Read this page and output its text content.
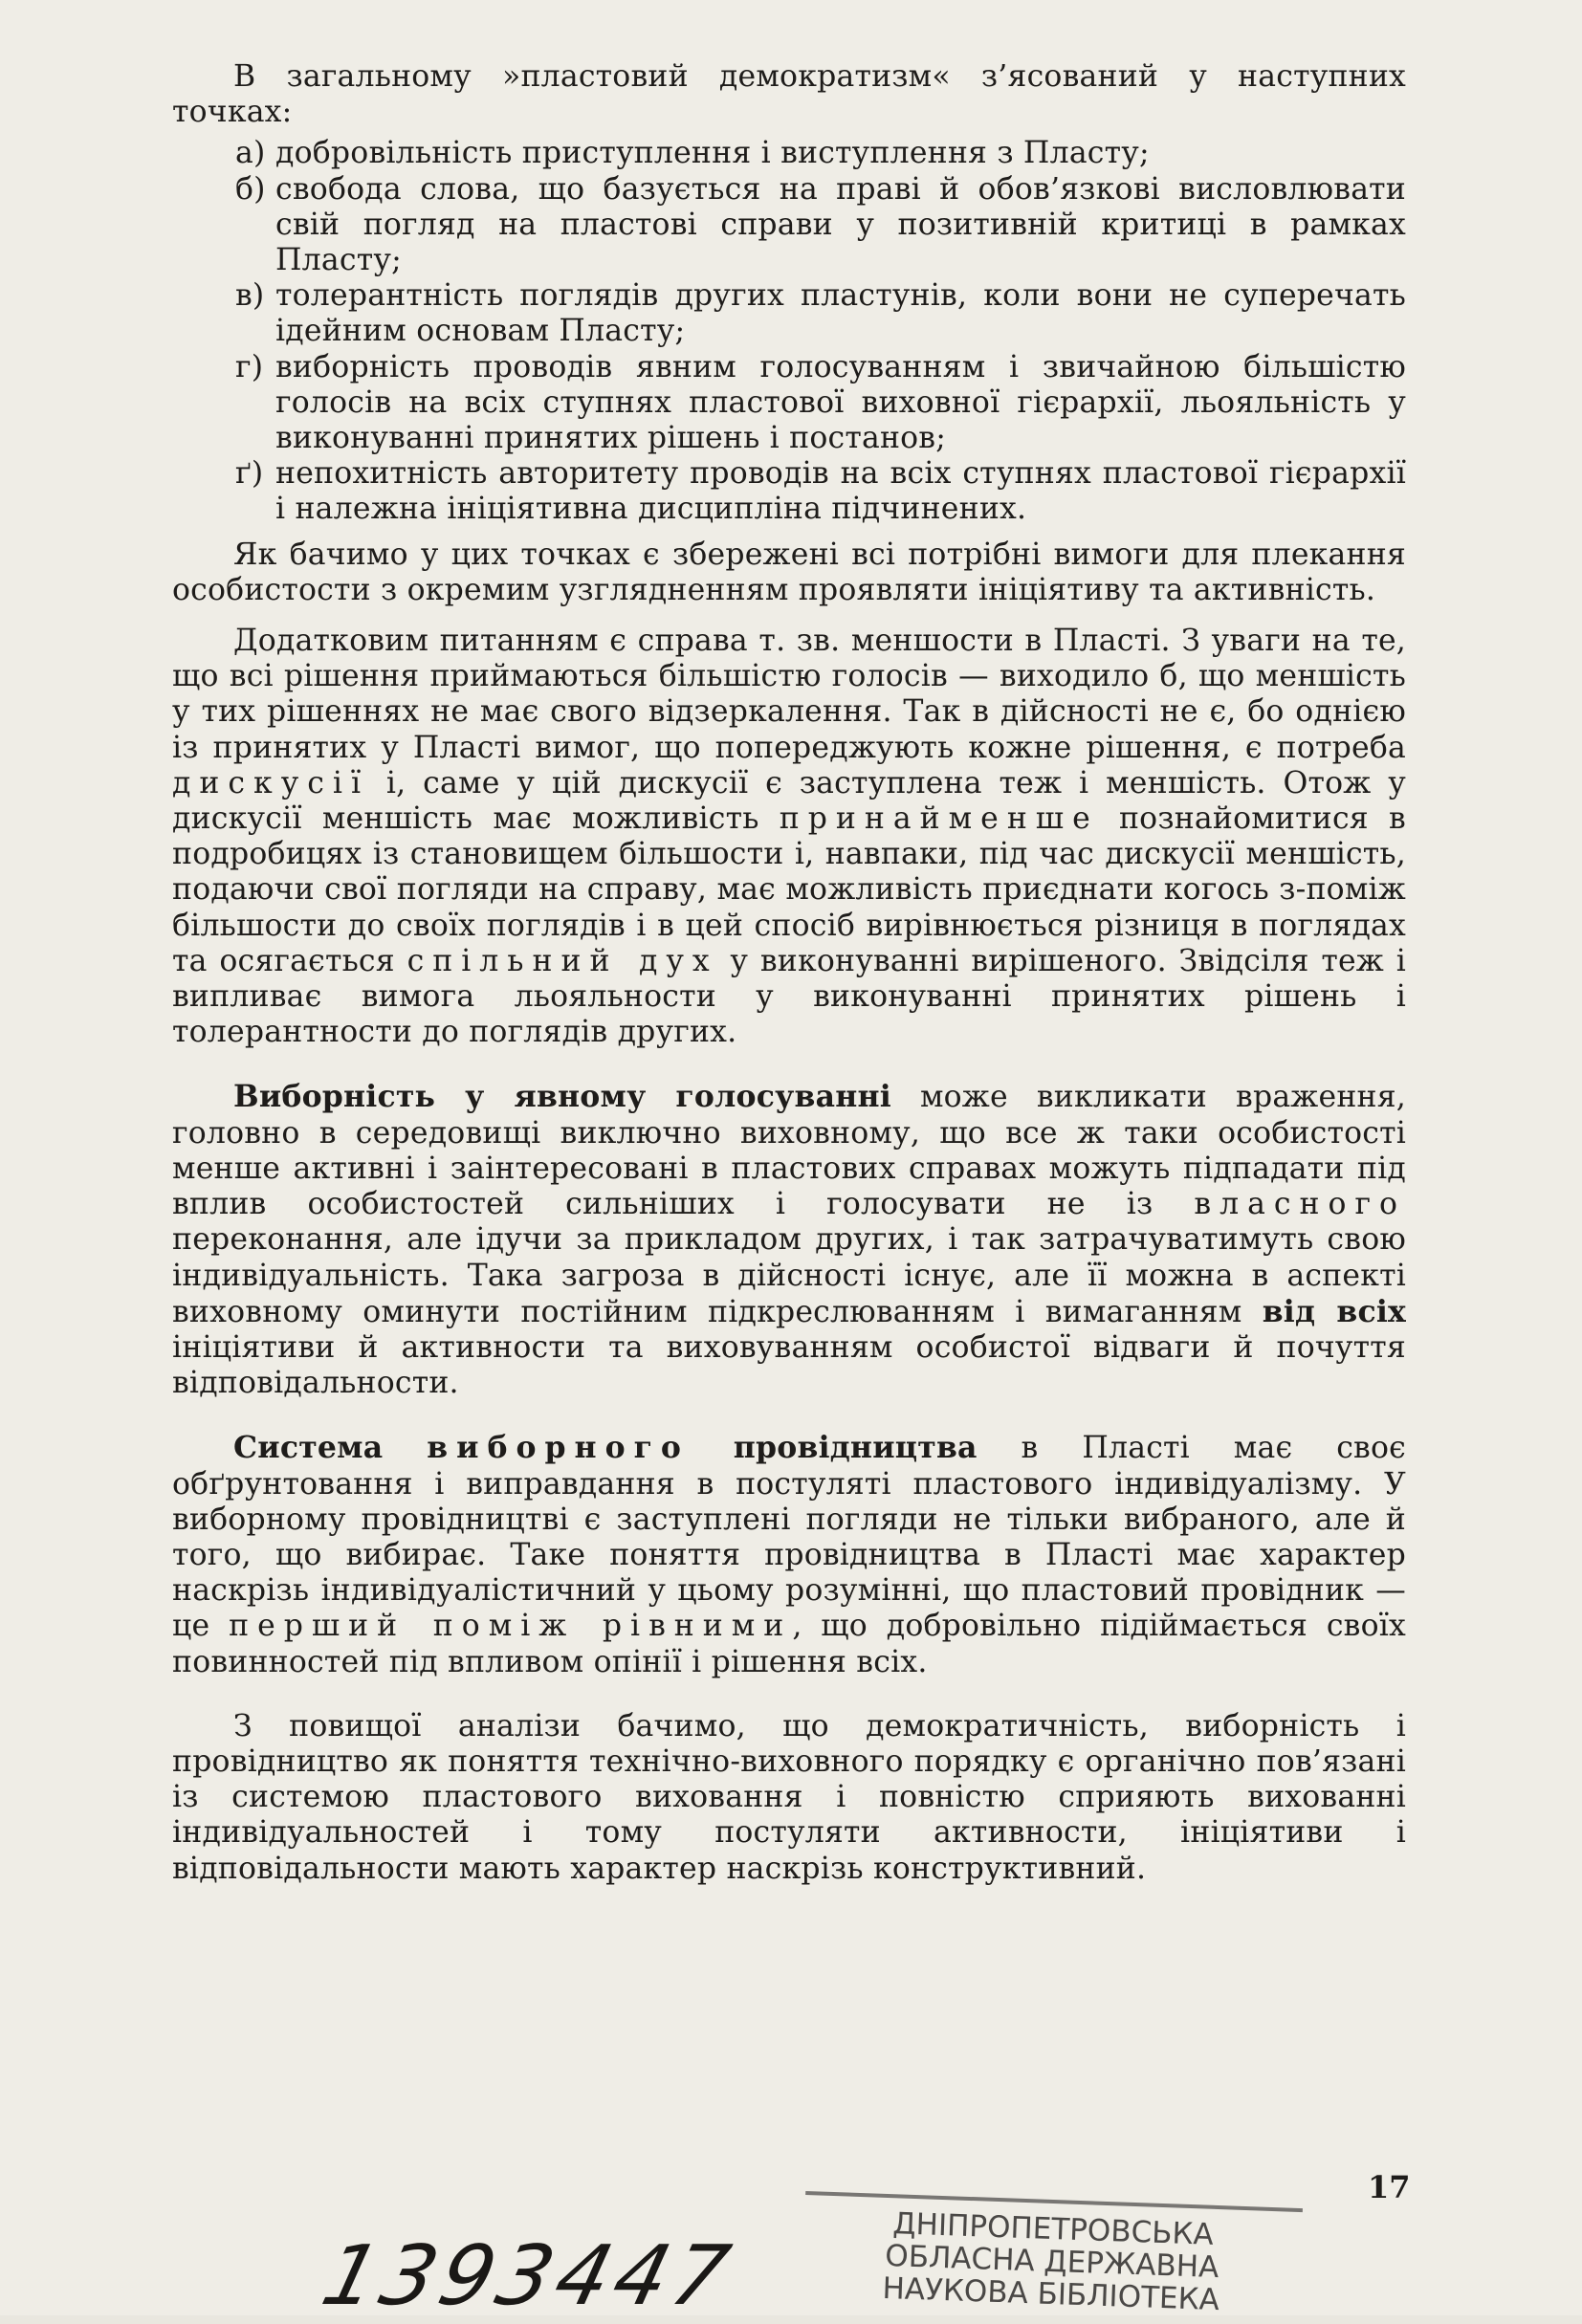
В загальному »пластовий демократизм« з’ясований у наступних точках:

а) добровільність приступлення і виступлення з Пласту;
б) свобода слова, що базується на праві й обов’язкові висловлювати свій погляд на пластові справи у позитивній критиці в рамках Пласту;
в) толерантність поглядів других пластунів, коли вони не суперечать ідейним основам Пласту;
г) виборність проводів явним голосуванням і звичайною більшістю голосів на всіх ступнях пластової виховної гієрархії, льояльність у виконуванні принятих рішень і постанов;
ґ) непохитність авторитету проводів на всіх ступнях пластової гієрархії і належна ініціятивна дисципліна підчинених.

Як бачимо у цих точках є збережені всі потрібні вимоги для плекання особистости з окремим узглядненням проявляти ініціятиву та активність.

Додатковим питанням є справа т. зв. меншости в Пласті. З уваги на те, що всі рішення приймаються більшістю голосів — виходило б, що меншість у тих рішеннях не має свого відзеркалення. Так в дійсності не є, бо однією із принятих у Пласті вимог, що попереджують кожне рішення, є потреба дискусії і, саме у цій дискусії є заступлена теж і меншість. Отож у дискусії меншість має можливість принайменше познайомитися в подробицях із становищем більшости і, навпаки, під час дискусії меншість, подаючи свої погляди на справу, має можливість приєднати когось з-поміж більшости до своїх поглядів і в цей спосіб вирівнюється різниця в поглядах та осягається спільний дух у виконуванні вирішеного. Звідсіля теж і випливає вимога льояльности у виконуванні принятих рішень і толерантности до поглядів других.

Виборність у явному голосуванні може викликати враження, головно в середовищі виключно виховному, що все ж таки особистості менше активні і заінтересовані в пластових справах можуть підпадати під вплив особистостей сильніших і голосувати не із власного переконання, але ідучи за прикладом других, і так затрачуватимуть свою індивідуальність. Така загроза в дійсності існує, але її можна в аспекті виховному оминути постійним підкреслюванням і вимаганням від всіх ініціятиви й активности та виховуванням особистої відваги й почуття відповідальности.

Система виборного провідництва в Пласті має своє обґрунтовання і виправдання в постуляті пластового індивідуалізму. У виборному провідництві є заступлені погляди не тільки вибраного, але й того, що вибирає. Таке поняття провідництва в Пласті має характер наскрізь індивідуалістичний у цьому розумінні, що пластовий провідник — це перший поміж рівними, що добровільно підіймається своїх повинностей під впливом опінії і рішення всіх.

З повищої аналізи бачимо, що демократичність, виборність і провідництво як поняття технічно-виховного порядку є органічно пов’язані із системою пластового виховання і повністю сприяють вихованні індивідуальностей і тому постуляти активности, ініціятиви і відповідальности мають характер наскрізь конструктивний.

17
1393447	ДНІПРОПЕТРОВСЬКА
ОБЛАСНА ДЕРЖАВНА
НАУКОВА БІБЛІОТЕКА
